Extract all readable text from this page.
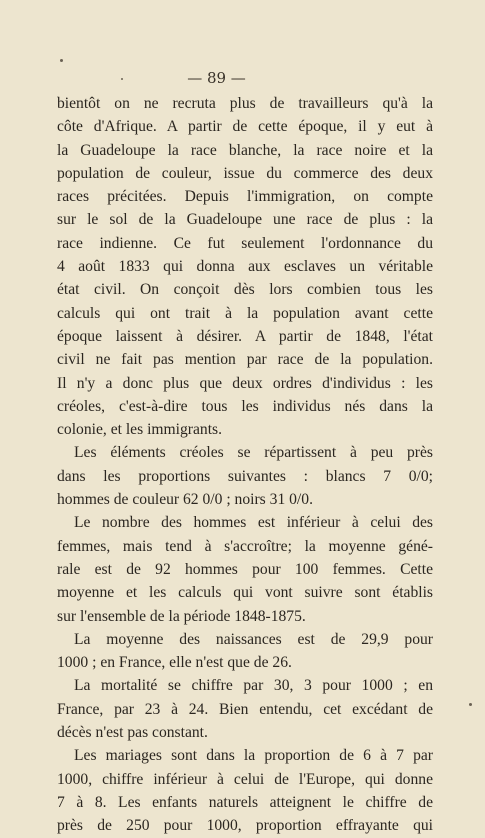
— 89 —
bientôt on ne recruta plus de travailleurs qu'à la
côte d'Afrique. A partir de cette époque, il y eut à
la Guadeloupe la race blanche, la race noire et la
population de couleur, issue du commerce des deux
races précitées. Depuis l'immigration, on compte
sur le sol de la Guadeloupe une race de plus : la
race indienne. Ce fut seulement l'ordonnance du
4 août 1833 qui donna aux esclaves un véritable
état civil. On conçoit dès lors combien tous les
calculs qui ont trait à la population avant cette
époque laissent à désirer. A partir de 1848, l'état
civil ne fait pas mention par race de la population.
Il n'y a donc plus que deux ordres d'individus : les
créoles, c'est-à-dire tous les individus nés dans la
colonie, et les immigrants.
Les éléments créoles se répartissent à peu près
dans les proportions suivantes : blancs 7 0/0;
hommes de couleur 62 0/0 ; noirs 31 0/0.
Le nombre des hommes est inférieur à celui des
femmes, mais tend à s'accroître; la moyenne géné-
rale est de 92 hommes pour 100 femmes. Cette
moyenne et les calculs qui vont suivre sont établis
sur l'ensemble de la période 1848-1875.
La moyenne des naissances est de 29,9 pour
1000 ; en France, elle n'est que de 26.
La mortalité se chiffre par 30, 3 pour 1000 ; en
France, par 23 à 24. Bien entendu, cet excédant de
décès n'est pas constant.
Les mariages sont dans la proportion de 6 à 7 par
1000, chiffre inférieur à celui de l'Europe, qui donne
7 à 8. Les enfants naturels atteignent le chiffre de
près de 250 pour 1000, proportion effrayante qui
